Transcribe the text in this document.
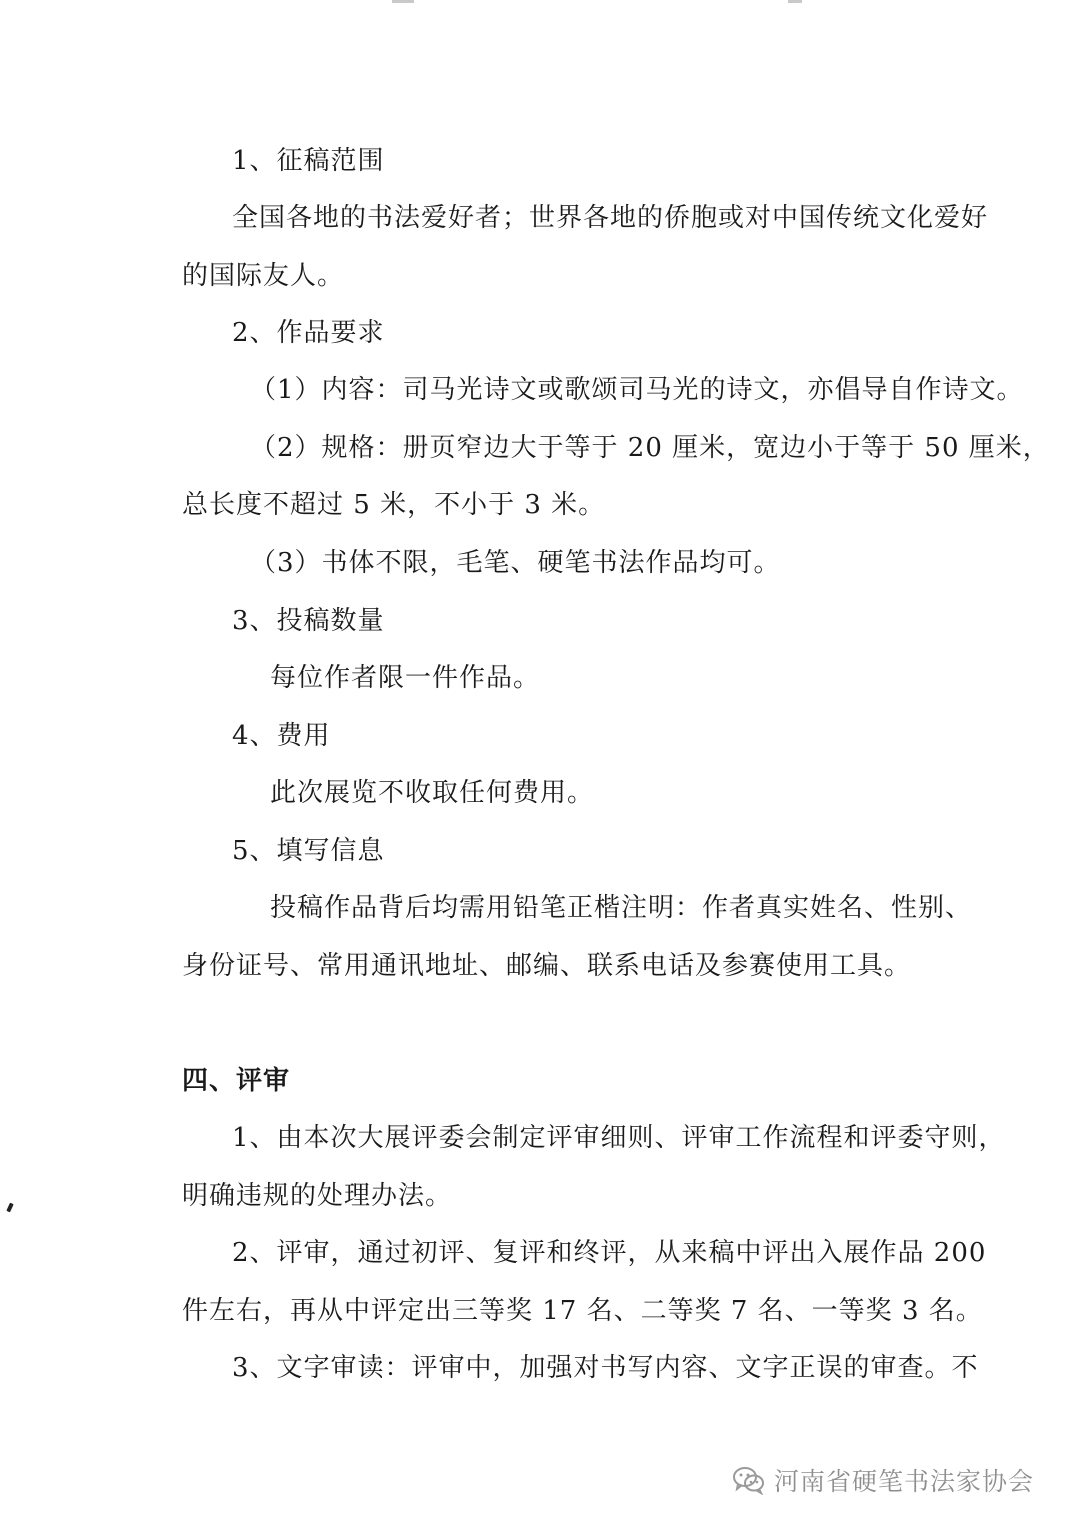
1、征稿范围
全国各地的书法爱好者；世界各地的侨胞或对中国传统文化爱好
的国际友人。
2、作品要求
（1）内容：司马光诗文或歌颂司马光的诗文，亦倡导自作诗文。
（2）规格：册页窄边大于等于 20 厘米，宽边小于等于 50 厘米，
总长度不超过 5 米，不小于 3 米。
（3）书体不限，毛笔、硬笔书法作品均可。
3、投稿数量
每位作者限一件作品。
4、费用
此次展览不收取任何费用。
5、填写信息
投稿作品背后均需用铅笔正楷注明：作者真实姓名、性别、
身份证号、常用通讯地址、邮编、联系电话及参赛使用工具。
四、评审
1、由本次大展评委会制定评审细则、评审工作流程和评委守则，
明确违规的处理办法。
2、评审，通过初评、复评和终评，从来稿中评出入展作品 200
件左右，再从中评定出三等奖 17 名、二等奖 7 名、一等奖 3 名。
3、文字审读：评审中，加强对书写内容、文字正误的审查。不
河南省硬笔书法家协会
